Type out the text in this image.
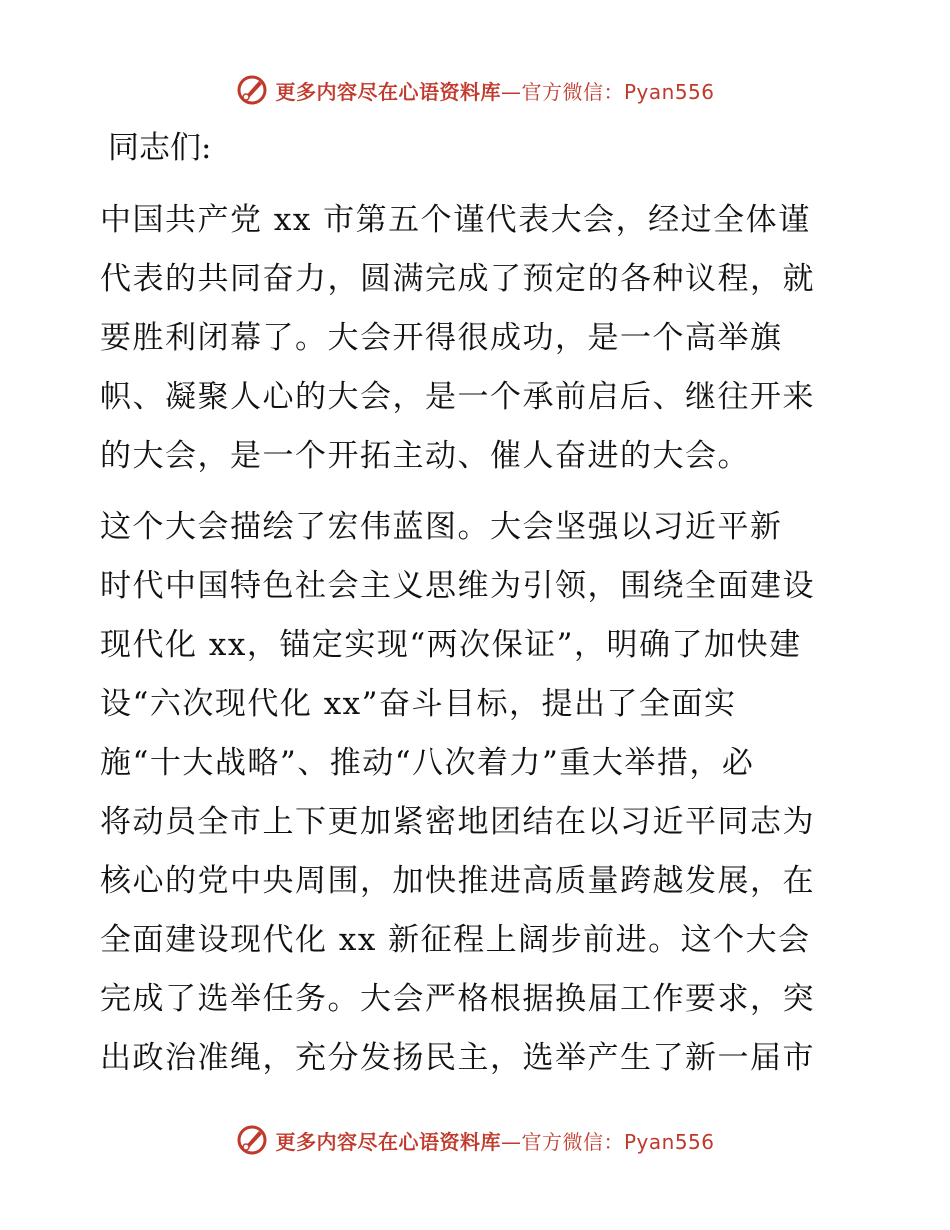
更多内容尽在心语资料库—官方微信：Pyan556
同志们:
中国共产党 xx 市第五个谨代表大会，经过全体谨
代表的共同奋力，圆满完成了预定的各种议程，就
要胜利闭幕了。大会开得很成功，是一个高举旗
帜、凝聚人心的大会，是一个承前启后、继往开来
的大会，是一个开拓主动、催人奋进的大会。
这个大会描绘了宏伟蓝图。大会坚强以习近平新
时代中国特色社会主义思维为引领，围绕全面建设
现代化 xx，锚定实现“两次保证”，明确了加快建
设“六次现代化 xx”奋斗目标，提出了全面实
施“十大战略”、推动“八次着力”重大举措，必
将动员全市上下更加紧密地团结在以习近平同志为
核心的党中央周围，加快推进高质量跨越发展，在
全面建设现代化 xx 新征程上阔步前进。这个大会
完成了选举任务。大会严格根据换届工作要求，突
出政治准绳，充分发扬民主，选举产生了新一届市
更多内容尽在心语资料库—官方微信：Pyan556
